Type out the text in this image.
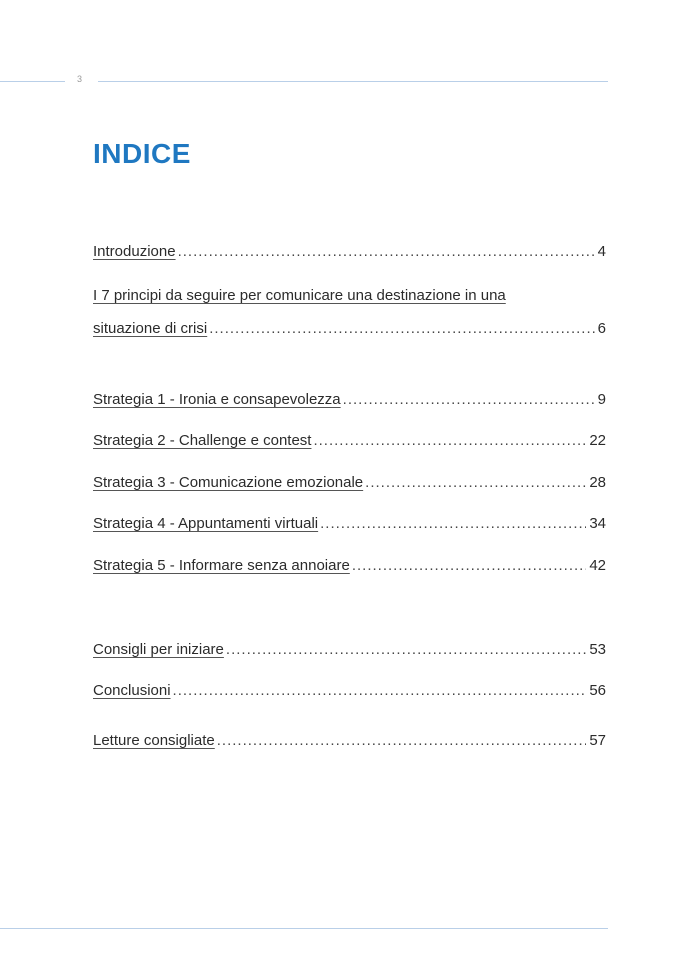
3
INDICE
Introduzione .....	4
I 7 principi da seguire per comunicare una destinazione in una
situazione di crisi .....	6
Strategia 1 - Ironia e consapevolezza .....	9
Strategia 2 - Challenge e contest .....	22
Strategia 3 - Comunicazione emozionale .....	28
Strategia 4 - Appuntamenti virtuali .....	34
Strategia 5 - Informare senza annoiare .....	42
Consigli per iniziare .....	53
Conclusioni .....	56
Letture consigliate .....	57
